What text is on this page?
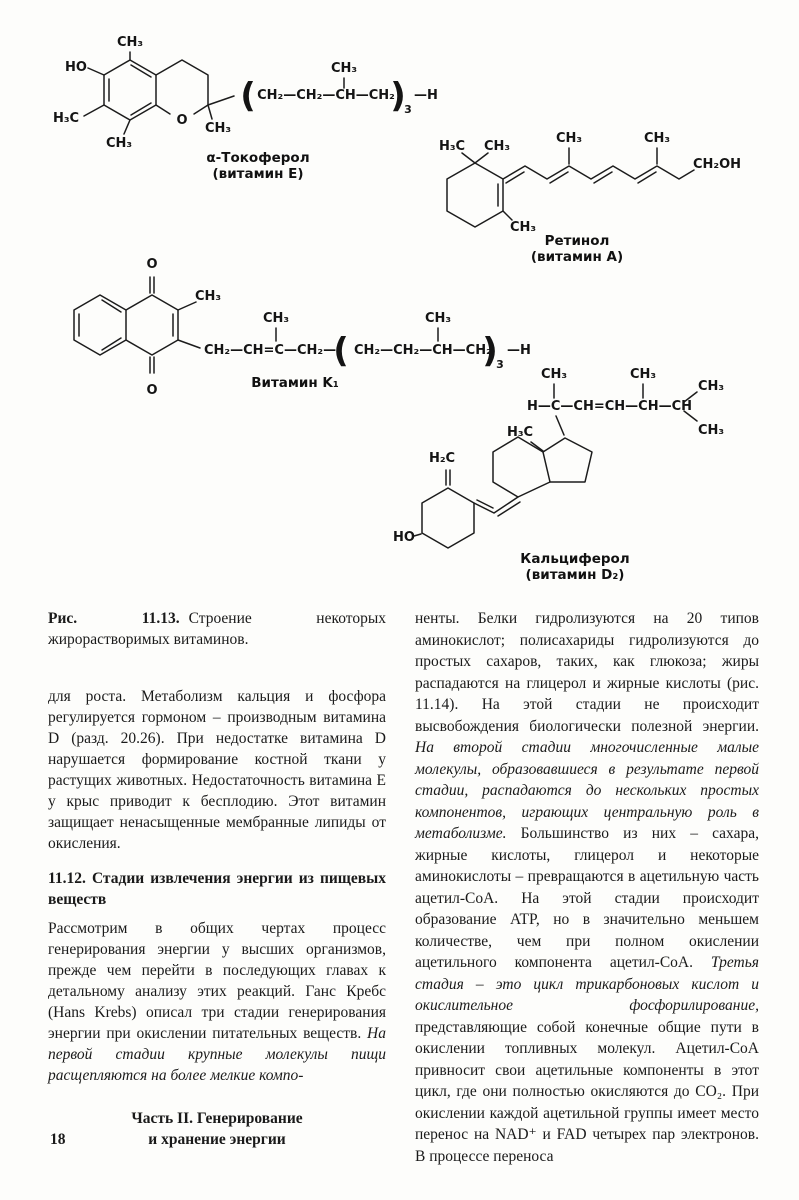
CH₃
HO
H₃C
CH₃
O
CH₃
CH₃
CH₂—CH₂—CH—CH₂
(	)
3
—H
H₃C CH₃
CH₃
CH₃	CH₃
CH₂OH
O
O
CH₃
CH₃	CH₃
CH₂—CH=C—CH₂—
( CH₂—CH₂—CH—CH₂
)
3
—H
CH₃	CH₃
CH₃
CH₃
H—C—CH=CH—CH—CH
H₃C
H₂C
HO
α-Токоферол
(витамин E)
Ретинол
(витамин A)
Витамин K₁
Кальциферол
(витамин D₂)

Рис. 11.13. Строение некоторых жирорастворимых витаминов.

для роста. Метаболизм кальция и фосфора регулируется гормоном – производным витамина D (разд. 20.26). При недостатке витамина D нарушается формирование костной ткани у растущих животных. Недостаточность витамина E у крыс приводит к бесплодию. Этот витамин защищает ненасыщенные мембранные липиды от окисления.

11.12. Стадии извлечения энергии из пищевых веществ

Рассмотрим в общих чертах процесс генерирования энергии у высших организмов, прежде чем перейти в последующих главах к детальному анализу этих реакций. Ганс Кребс (Hans Krebs) описал три стадии генерирования энергии при окислении питательных веществ. На первой стадии крупные молекулы пищи расщепляются на более мелкие компо-

18
Часть II. Генерирование
и хранение энергии

ненты. Белки гидролизуются на 20 типов аминокислот; полисахариды гидролизуются до простых сахаров, таких, как глюкоза; жиры распадаются на глицерол и жирные кислоты (рис. 11.14). На этой стадии не происходит высвобождения биологически полезной энергии. На второй стадии многочисленные малые молекулы, образовавшиеся в результате первой стадии, распадаются до нескольких простых компонентов, играющих центральную роль в метаболизме. Большинство из них – сахара, жирные кислоты, глицерол и некоторые аминокислоты – превращаются в ацетильную часть ацетил-CoA. На этой стадии происходит образование ATP, но в значительно меньшем количестве, чем при полном окислении ацетильного компонента ацетил-CoA. Третья стадия – это цикл трикарбоновых кислот и окислительное фосфорилирование, представляющие собой конечные общие пути в окислении топливных молекул. Ацетил-CoA привносит свои ацетильные компоненты в этот цикл, где они полностью окисляются до CO₂. При окислении каждой ацетильной группы имеет место перенос на NAD⁺ и FAD четырех пар электронов. В процессе переноса
